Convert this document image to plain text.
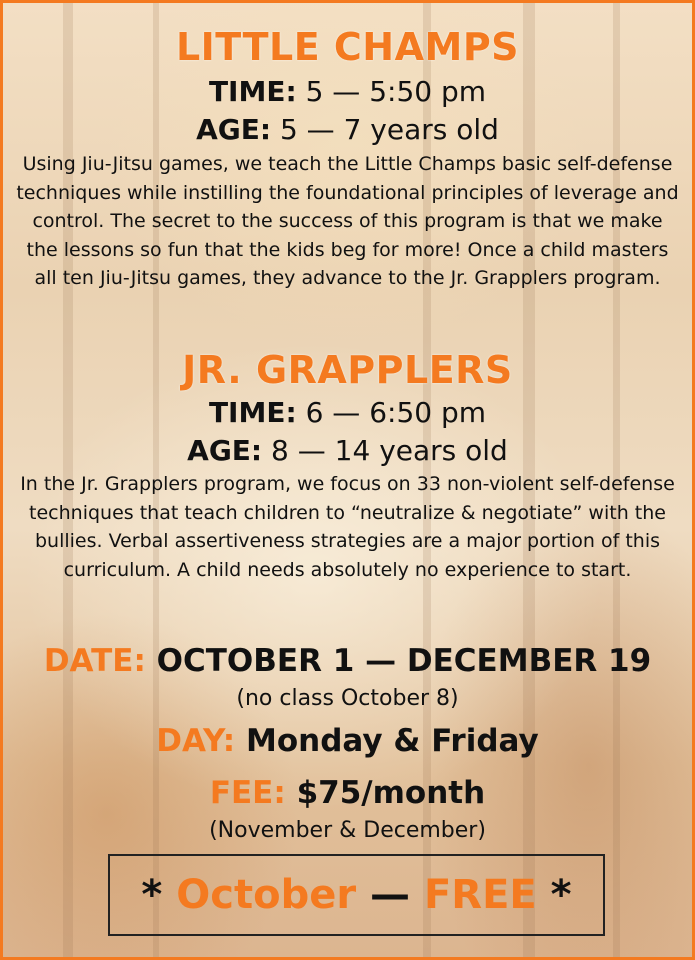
LITTLE CHAMPS
TIME: 5 — 5:50 pm
AGE: 5 — 7 years old
Using Jiu-Jitsu games, we teach the Little Champs basic self-defense techniques while instilling the foundational principles of leverage and control. The secret to the success of this program is that we make the lessons so fun that the kids beg for more! Once a child masters all ten Jiu-Jitsu games, they advance to the Jr. Grapplers program.
JR. GRAPPLERS
TIME: 6 — 6:50 pm
AGE: 8 — 14 years old
In the Jr. Grapplers program, we focus on 33 non-violent self-defense techniques that teach children to “neutralize & negotiate” with the bullies. Verbal assertiveness strategies are a major portion of this curriculum. A child needs absolutely no experience to start.
DATE: OCTOBER 1 — DECEMBER 19
(no class October 8)
DAY: Monday & Friday
FEE: $75/month
(November & December)
* October — FREE *
